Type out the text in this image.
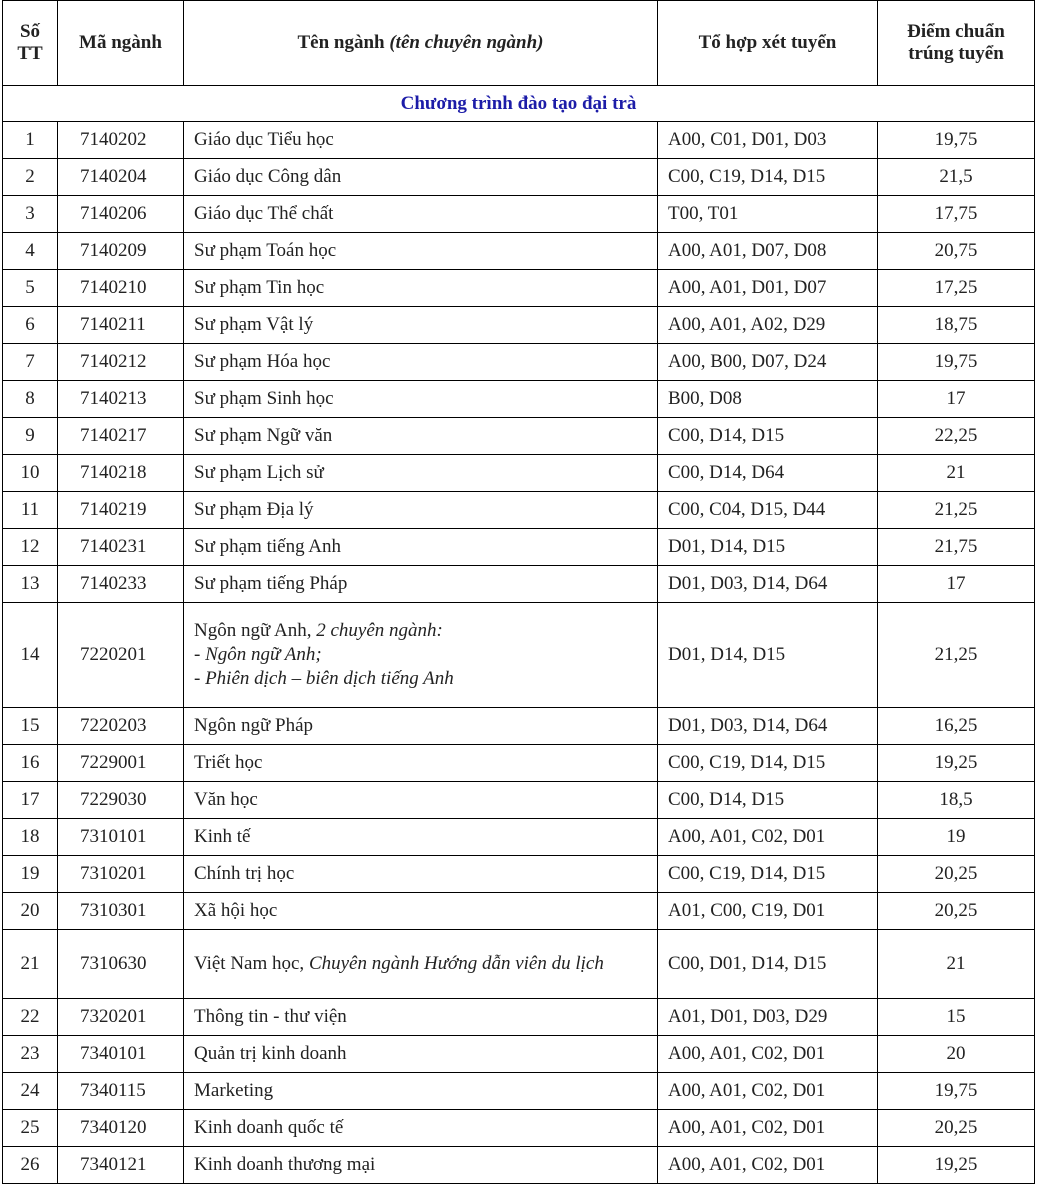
Số
TT	Mã ngành	Tên ngành (tên chuyên ngành)	Tổ hợp xét tuyển	Điểm chuẩn
trúng tuyển
Chương trình đào tạo đại trà				
1	7140202	Giáo dục Tiểu học	A00, C01, D01, D03	19,75
2	7140204	Giáo dục Công dân	C00, C19, D14, D15	21,5
3	7140206	Giáo dục Thể chất	T00, T01	17,75
4	7140209	Sư phạm Toán học	A00, A01, D07, D08	20,75
5	7140210	Sư phạm Tin học	A00, A01, D01, D07	17,25
6	7140211	Sư phạm Vật lý	A00, A01, A02, D29	18,75
7	7140212	Sư phạm Hóa học	A00, B00, D07, D24	19,75
8	7140213	Sư phạm Sinh học	B00, D08	17
9	7140217	Sư phạm Ngữ văn	C00, D14, D15	22,25
10	7140218	Sư phạm Lịch sử	C00, D14, D64	21
11	7140219	Sư phạm Địa lý	C00, C04, D15, D44	21,25
12	7140231	Sư phạm tiếng Anh	D01, D14, D15	21,75
13	7140233	Sư phạm tiếng Pháp	D01, D03, D14, D64	17
14	7220201	Ngôn ngữ Anh, 2 chuyên ngành:
- Ngôn ngữ Anh;
- Phiên dịch – biên dịch tiếng Anh	D01, D14, D15	21,25
15	7220203	Ngôn ngữ Pháp	D01, D03, D14, D64	16,25
16	7229001	Triết học	C00, C19, D14, D15	19,25
17	7229030	Văn học	C00, D14, D15	18,5
18	7310101	Kinh tế	A00, A01, C02, D01	19
19	7310201	Chính trị học	C00, C19, D14, D15	20,25
20	7310301	Xã hội học	A01, C00, C19, D01	20,25
21	7310630	Việt Nam học, Chuyên ngành Hướng dẫn viên du lịch	C00, D01, D14, D15	21
22	7320201	Thông tin - thư viện	A01, D01, D03, D29	15
23	7340101	Quản trị kinh doanh	A00, A01, C02, D01	20
24	7340115	Marketing	A00, A01, C02, D01	19,75
25	7340120	Kinh doanh quốc tế	A00, A01, C02, D01	20,25
26	7340121	Kinh doanh thương mại	A00, A01, C02, D01	19,25
